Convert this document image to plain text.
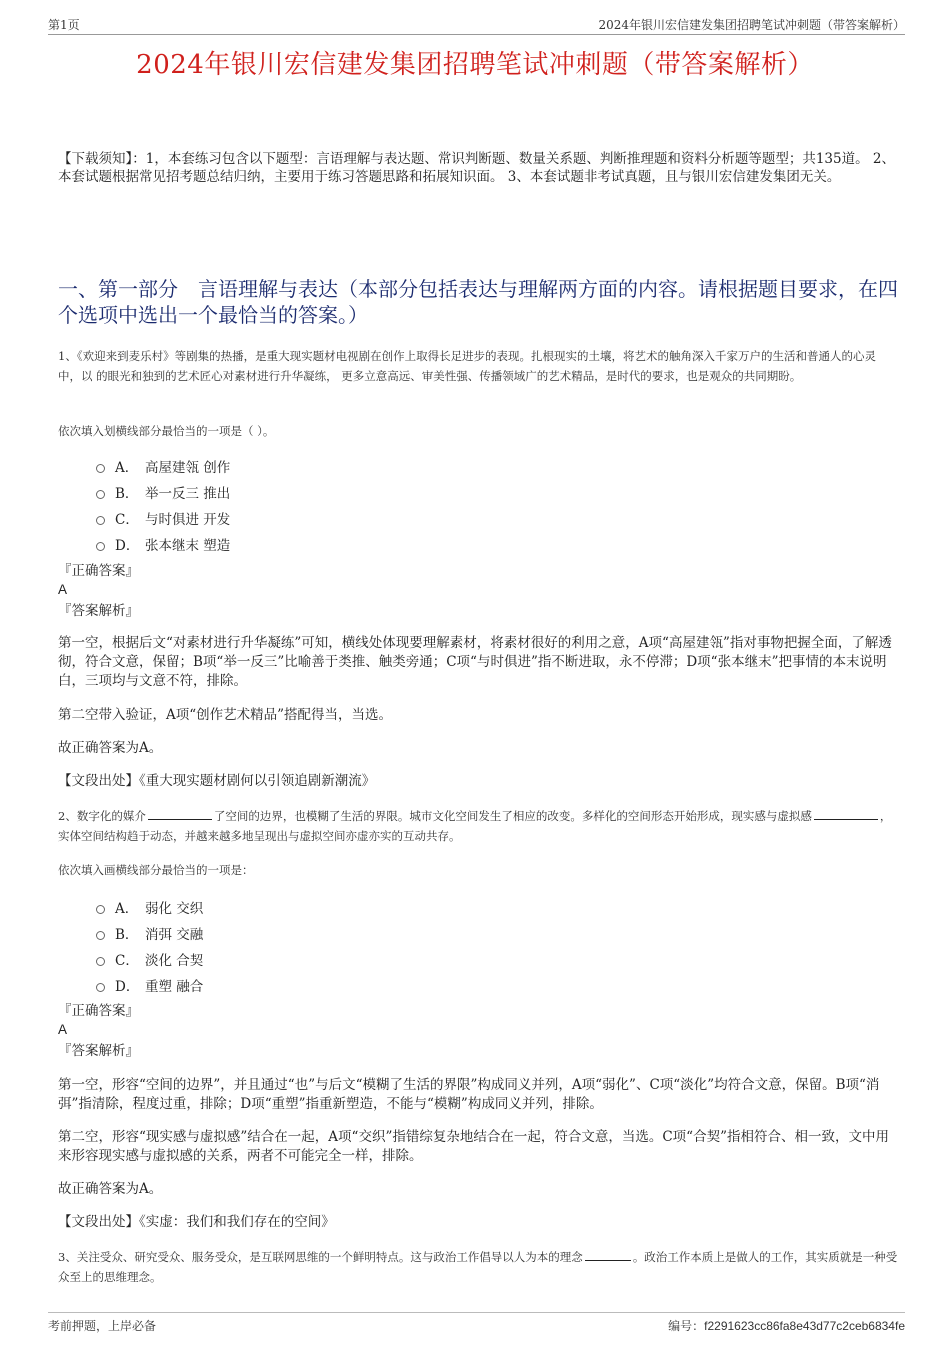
第1页	2024年银川宏信建发集团招聘笔试冲刺题（带答案解析）
2024年银川宏信建发集团招聘笔试冲刺题（带答案解析）
【下载须知】：1，本套练习包含以下题型：言语理解与表达题、常识判断题、数量关系题、判断推理题和资料分析题等题型；共135道。 2、本套试题根据常见招考题总结归纳，主要用于练习答题思路和拓展知识面。 3、本套试题非考试真题，且与银川宏信建发集团无关。
一、第一部分　言语理解与表达（本部分包括表达与理解两方面的内容。请根据题目要求，在四个选项中选出一个最恰当的答案。）
1、《欢迎来到麦乐村》等剧集的热播，是重大现实题材电视剧在创作上取得长足进步的表现。扎根现实的土壤，将艺术的触角深入千家万户的生活和普通人的心灵中，以 的眼光和独到的艺术匠心对素材进行升华凝练， 更多立意高远、审美性强、传播领域广的艺术精品，是时代的要求，也是观众的共同期盼。
依次填入划横线部分最恰当的一项是（ ）。
A． 高屋建瓴 创作
B． 举一反三 推出
C． 与时俱进 开发
D． 张本继末 塑造
『正确答案』
A
『答案解析』
第一空，根据后文“对素材进行升华凝练”可知，横线处体现要理解素材，将素材很好的利用之意，A项“高屋建瓴”指对事物把握全面，了解透彻，符合文意，保留；B项“举一反三”比喻善于类推、触类旁通；C项“与时俱进”指不断进取，永不停滞；D项“张本继末”把事情的本末说明白，三项均与文意不符，排除。
第二空带入验证，A项“创作艺术精品”搭配得当，当选。
故正确答案为A。
【文段出处】《重大现实题材剧何以引领追剧新潮流》
2、数字化的媒介	了空间的边界，也模糊了生活的界限。城市文化空间发生了相应的改变。多样化的空间形态开始形成，现实感与虚拟感	，实体空间结构趋于动态，并越来越多地呈现出与虚拟空间亦虚亦实的互动共存。
依次填入画横线部分最恰当的一项是：
A． 弱化 交织
B． 消弭 交融
C． 淡化 合契
D． 重塑 融合
『正确答案』
A
『答案解析』
第一空，形容“空间的边界”，并且通过“也”与后文“模糊了生活的界限”构成同义并列，A项“弱化”、C项“淡化”均符合文意，保留。B项“消弭”指清除，程度过重，排除；D项“重塑”指重新塑造，不能与“模糊”构成同义并列，排除。
第二空，形容“现实感与虚拟感”结合在一起，A项“交织”指错综复杂地结合在一起，符合文意，当选。C项“合契”指相符合、相一致，文中用来形容现实感与虚拟感的关系，两者不可能完全一样，排除。
故正确答案为A。
【文段出处】《实虚：我们和我们存在的空间》
3、关注受众、研究受众、服务受众，是互联网思维的一个鲜明特点。这与政治工作倡导以人为本的理念	。政治工作本质上是做人的工作，其实质就是一种受众至上的思维理念。
考前押题，上岸必备	编号：f2291623cc86fa8e43d77c2ceb6834fe
